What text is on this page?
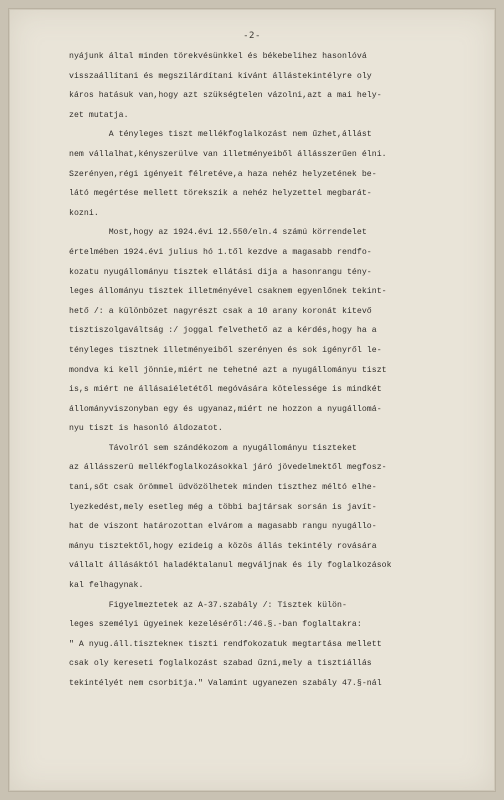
-2-
nyájunk által minden törekvésünkkel és békebelihez hasonlóvá
visszaállítani és megszilárdítani kívánt állástekintélyre oly
káros hatásuk van,hogy azt szükségtelen vázolni,azt a mai hely-
zet mutatja.
A tényleges tiszt mellékfoglalkozást nem űzhet,állást
nem vállalhat,kényszerülve van illetményeiből állásszerűen élni.
Szerényen,régi igényeit félretéve,a haza nehéz helyzetének be-
látó megértése mellett törekszik a nehéz helyzettel megbarát-
kozni.
Most,hogy az 1924.évi 12.550/eln.4 számú körrendelet
értelmében 1924.évi julius hó 1.től kezdve a magasabb rendfo-
kozatu nyugállományu tisztek ellátási dija a hasonrangu tény-
leges állományu tisztek illetményével csaknem egyenlőnek tekint-
hető /: a különbözet nagyrészt csak a 10 arany koronát kitevő
tisztiszolgaváltság :/ joggal felvethető az a kérdés,hogy ha a
tényleges tisztnek illetményeiből szerényen és sok igényről le-
mondva ki kell jönnie,miért ne tehetné azt a nyugállományu tiszt
is,s miért ne állásaiéletétől megóvására kötelessége is mindkét
állományviszonyban egy és ugyanaz,miért ne hozzon a nyugállomá-
nyu tiszt is hasonló áldozatot.
Távolról sem szándékozom a nyugállományu tiszteket
az állásszerü mellékfoglalkozásokkal járó jövedelmektől megfosz-
tani,sőt csak örömmel üdvözölhetek minden tiszthez méltó elhe-
lyezkedést,mely esetleg még a többi bajtársak sorsán is javít-
hat de viszont határozottan elvárom a magasabb rangu nyugállo-
mányu tisztektől,hogy ezideig a közös állás tekintély rovására
vállalt állásáktól haladéktalanul megváljnak és ily foglalkozások
kal felhagynak.
Figyelmeztetek az A-37.szabály /: Tisztek külön-
leges személyi ügyeinek kezeléséről:/46.§.-ban foglaltakra:
" A nyug.áll.tisztekneк tiszti rendfokozatuk megtartása mellett
csak oly kereseti foglalkozást szabad űzni,mely a tisztiállás
tekintélyét nem csorbitja." Valamint ugyanezen szabály 47.§-nál
